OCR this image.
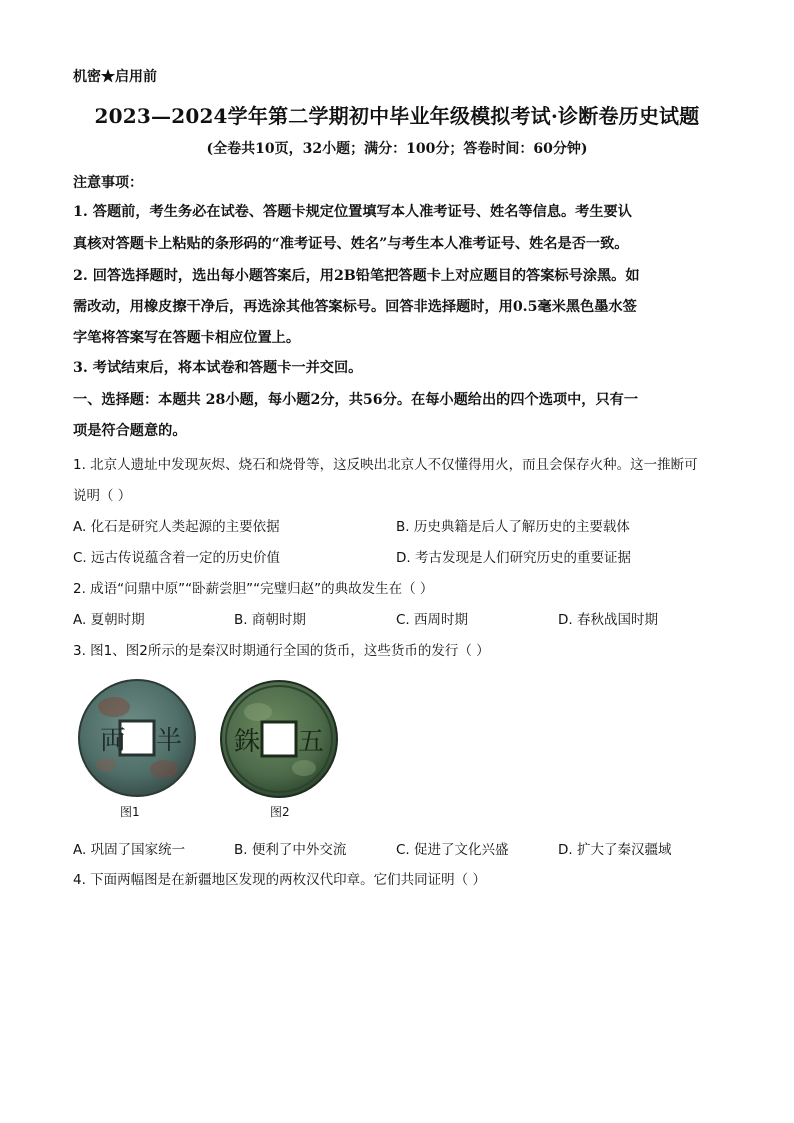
机密★启用前
2023—2024学年第二学期初中毕业年级模拟考试·诊断卷历史试题
(全卷共10页，32小题；满分：100分；答卷时间：60分钟)
注意事项：
1. 答题前，考生务必在试卷、答题卡规定位置填写本人准考证号、姓名等信息。考生要认
真核对答题卡上粘贴的条形码的“准考证号、姓名”与考生本人准考证号、姓名是否一致。
2. 回答选择题时，选出每小题答案后，用2B铅笔把答题卡上对应题目的答案标号涂黑。如
需改动，用橡皮擦干净后，再选涂其他答案标号。回答非选择题时，用0.5毫米黑色墨水签
字笔将答案写在答题卡相应位置上。
3. 考试结束后，将本试卷和答题卡一并交回。
一、选择题：本题共 28小题，每小题2分，共56分。在每小题给出的四个选项中，只有一
项是符合题意的。
1. 北京人遗址中发现灰烬、烧石和烧骨等，这反映出北京人不仅懂得用火，而且会保存火种。这一推断可
说明（ ）
A. 化石是研究人类起源的主要依据	B. 历史典籍是后人了解历史的主要载体
C. 远古传说蕴含着一定的历史价值	D. 考古发现是人们研究历史的重要证据
2. 成语“问鼎中原”“卧薪尝胆”“完璧归赵”的典故发生在（ ）
A. 夏朝时期	B. 商朝时期	C. 西周时期	D. 春秋战国时期
3. 图1、图2所示的是秦汉时期通行全国的货币，这些货币的发行（ ）
両 半 銖 五
图1	图2
A. 巩固了国家统一	B. 便利了中外交流	C. 促进了文化兴盛	D. 扩大了秦汉疆域
4. 下面两幅图是在新疆地区发现的两枚汉代印章。它们共同证明（ ）
